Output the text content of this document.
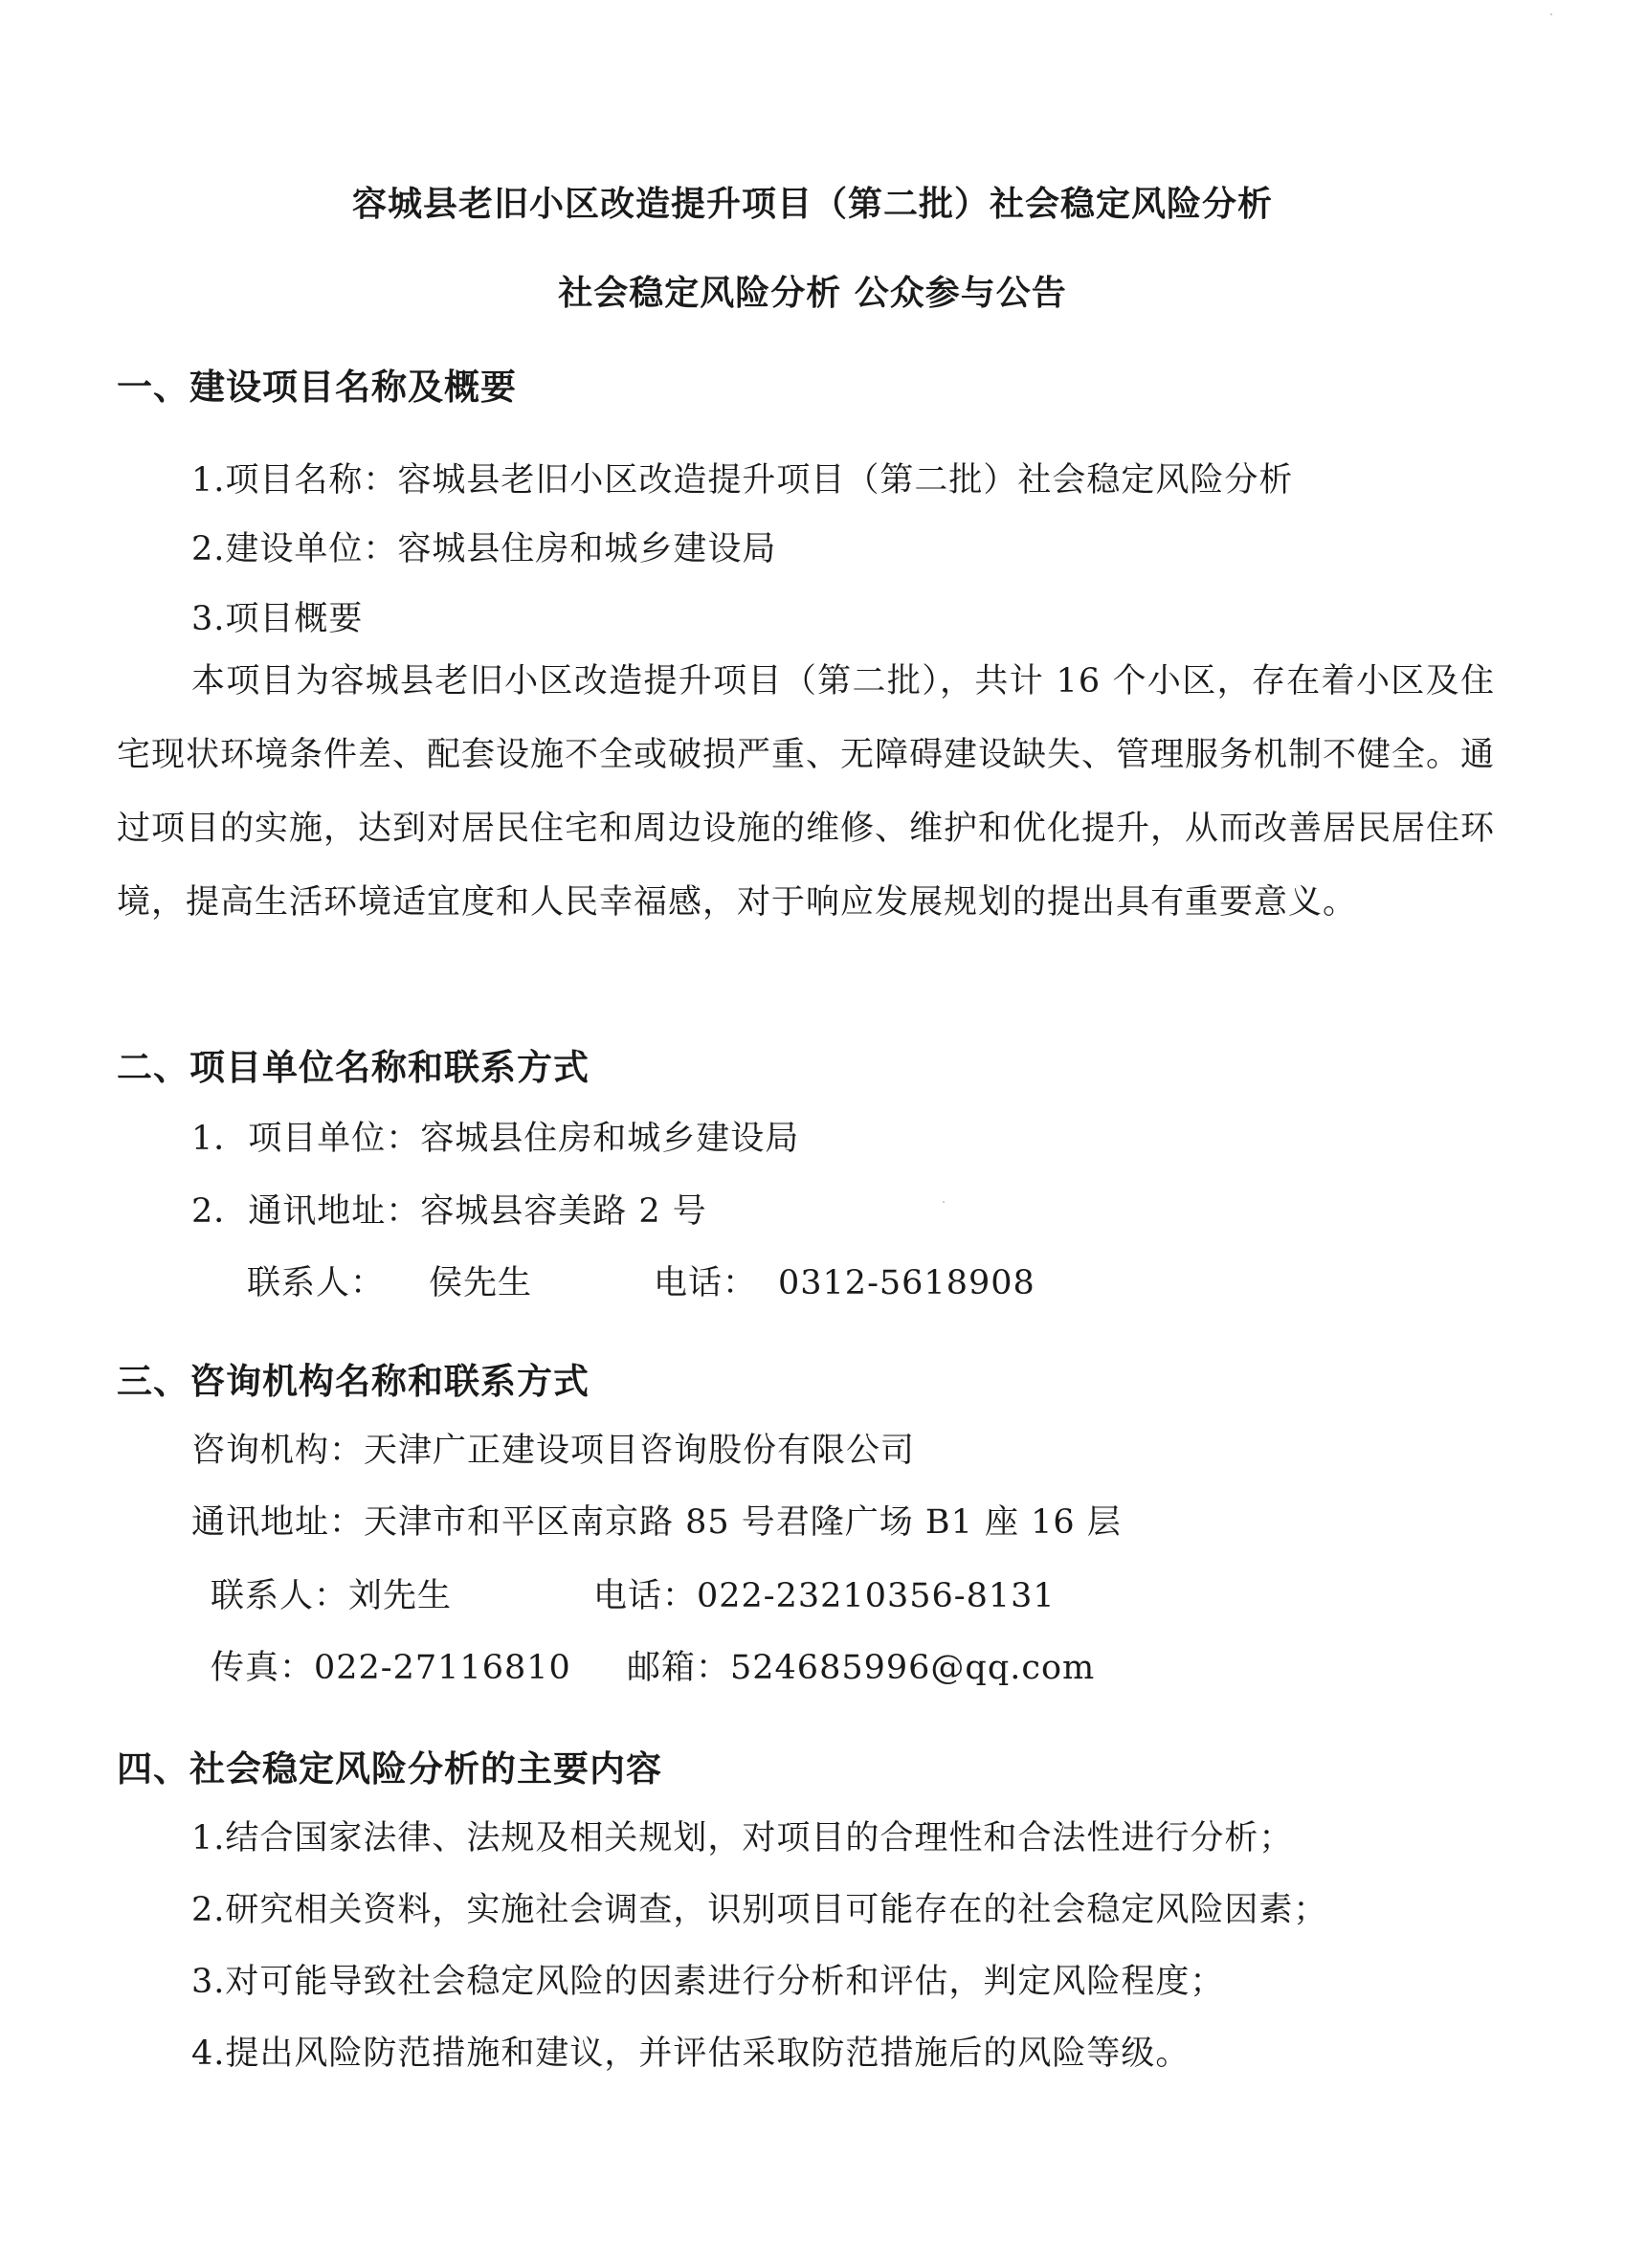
容城县老旧小区改造提升项目（第二批）社会稳定风险分析
社会稳定风险分析 公众参与公告
一、建设项目名称及概要
1.项目名称：容城县老旧小区改造提升项目（第二批）社会稳定风险分析
2.建设单位：容城县住房和城乡建设局
3.项目概要
本项目为容城县老旧小区改造提升项目（第二批），共计 16 个小区，存在着小区及住宅现状环境条件差、配套设施不全或破损严重、无障碍建设缺失、管理服务机制不健全。通过项目的实施，达到对居民住宅和周边设施的维修、维护和优化提升，从而改善居民居住环境，提高生活环境适宜度和人民幸福感，对于响应发展规划的提出具有重要意义。
二、项目单位名称和联系方式
1．项目单位：容城县住房和城乡建设局
2．通讯地址：容城县容美路 2 号
联系人： 侯先生	电话： 0312-5618908
三、咨询机构名称和联系方式
咨询机构：天津广正建设项目咨询股份有限公司
通讯地址：天津市和平区南京路 85 号君隆广场 B1 座 16 层
联系人：刘先生	电话：022-23210356-8131
传真：022-27116810 邮箱：524685996@qq.com
四、社会稳定风险分析的主要内容
1.结合国家法律、法规及相关规划，对项目的合理性和合法性进行分析；
2.研究相关资料，实施社会调查，识别项目可能存在的社会稳定风险因素；
3.对可能导致社会稳定风险的因素进行分析和评估，判定风险程度；
4.提出风险防范措施和建议，并评估采取防范措施后的风险等级。
